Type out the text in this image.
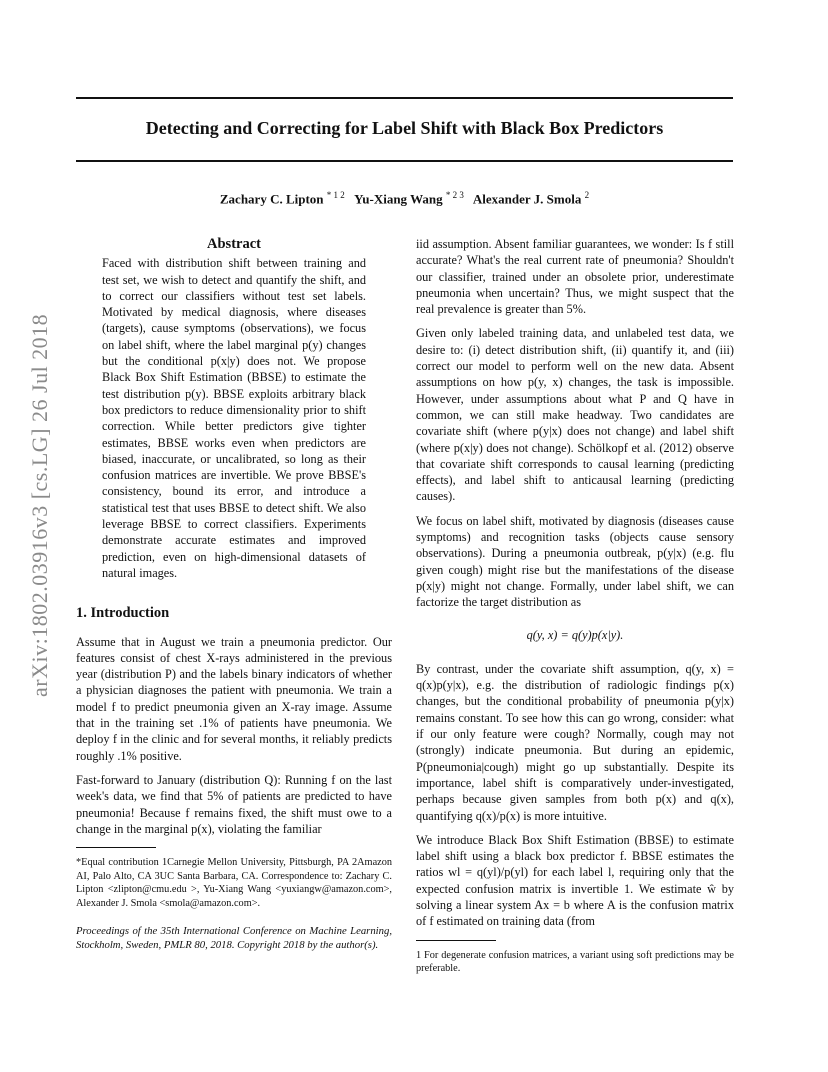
Detecting and Correcting for Label Shift with Black Box Predictors
Zachary C. Lipton $^{* 1 2}$ Yu-Xiang Wang $^{* 2 3}$ Alexander J. Smola $^2$
arXiv:1802.03916v3 [cs.LG] 26 Jul 2018
Abstract

Faced with distribution shift between training and test set, we wish to detect and quantify the shift, and to correct our classifiers without test set labels. Motivated by medical diagnosis, where diseases (targets), cause symptoms (observations), we focus on label shift, where the label marginal p(y) changes but the conditional p(x|y) does not. We propose Black Box Shift Estimation (BBSE) to estimate the test distribution p(y). BBSE exploits arbitrary black box predictors to reduce dimensionality prior to shift correction. While better predictors give tighter estimates, BBSE works even when predictors are biased, inaccurate, or uncalibrated, so long as their confusion matrices are invertible. We prove BBSE's consistency, bound its error, and introduce a statistical test that uses BBSE to detect shift. We also leverage BBSE to correct classifiers. Experiments demonstrate accurate estimates and improved prediction, even on high-dimensional datasets of natural images.

1. Introduction

Assume that in August we train a pneumonia predictor. Our features consist of chest X-rays administered in the previous year (distribution P) and the labels binary indicators of whether a physician diagnoses the patient with pneumonia. We train a model f to predict pneumonia given an X-ray image. Assume that in the training set .1% of patients have pneumonia. We deploy f in the clinic and for several months, it reliably predicts roughly .1% positive.

Fast-forward to January (distribution Q): Running f on the last week's data, we find that 5% of patients are predicted to have pneumonia! Because f remains fixed, the shift must owe to a change in the marginal p(x), violating the familiar

*Equal contribution 1Carnegie Mellon University, Pittsburgh, PA 2Amazon AI, Palo Alto, CA 3UC Santa Barbara, CA. Correspondence to: Zachary C. Lipton <zlipton@cmu.edu >, Yu-Xiang Wang <yuxiangw@amazon.com>, Alexander J. Smola <smola@amazon.com>.
Proceedings of the 35th International Conference on Machine Learning, Stockholm, Sweden, PMLR 80, 2018. Copyright 2018 by the author(s).

iid assumption. Absent familiar guarantees, we wonder: Is f still accurate? What's the real current rate of pneumonia? Shouldn't our classifier, trained under an obsolete prior, underestimate pneumonia when uncertain? Thus, we might suspect that the real prevalence is greater than 5%.

Given only labeled training data, and unlabeled test data, we desire to: (i) detect distribution shift, (ii) quantify it, and (iii) correct our model to perform well on the new data. Absent assumptions on how p(y, x) changes, the task is impossible. However, under assumptions about what P and Q have in common, we can still make headway. Two candidates are covariate shift (where p(y|x) does not change) and label shift (where p(x|y) does not change). Schölkopf et al. (2012) observe that covariate shift corresponds to causal learning (predicting effects), and label shift to anticausal learning (predicting causes).

We focus on label shift, motivated by diagnosis (diseases cause symptoms) and recognition tasks (objects cause sensory observations). During a pneumonia outbreak, p(y|x) (e.g. flu given cough) might rise but the manifestations of the disease p(x|y) might not change. Formally, under label shift, we can factorize the target distribution as

q(y, x) = q(y)p(x|y).

By contrast, under the covariate shift assumption, q(y, x) = q(x)p(y|x), e.g. the distribution of radiologic findings p(x) changes, but the conditional probability of pneumonia p(y|x) remains constant. To see how this can go wrong, consider: what if our only feature were cough? Normally, cough may not (strongly) indicate pneumonia. But during an epidemic, P(pneumonia|cough) might go up substantially. Despite its importance, label shift is comparatively under-investigated, perhaps because given samples from both p(x) and q(x), quantifying q(x)/p(x) is more intuitive.

We introduce Black Box Shift Estimation (BBSE) to estimate label shift using a black box predictor f. BBSE estimates the ratios wl = q(yl)/p(yl) for each label l, requiring only that the expected confusion matrix is invertible 1. We estimate ŵ by solving a linear system Ax = b where A is the confusion matrix of f estimated on training data (from

1 For degenerate confusion matrices, a variant using soft predictions may be preferable.
